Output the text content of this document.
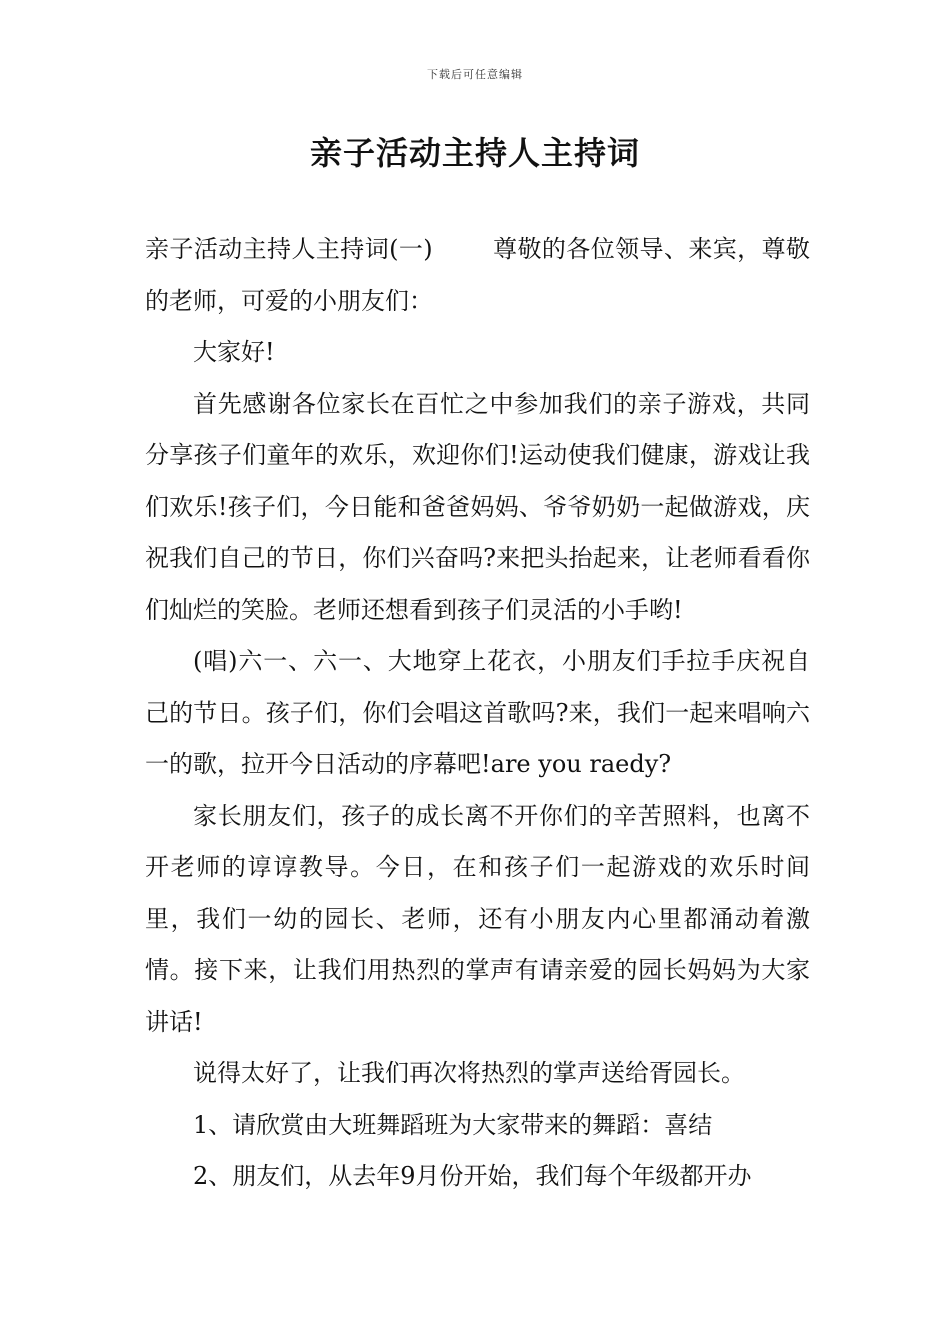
下载后可任意编辑
亲子活动主持人主持词

亲子活动主持人主持词(一)	尊敬的各位领导、来宾，尊敬的老师，可爱的小朋友们：

大家好!

首先感谢各位家长在百忙之中参加我们的亲子游戏，共同分享孩子们童年的欢乐，欢迎你们!运动使我们健康，游戏让我们欢乐!孩子们，今日能和爸爸妈妈、爷爷奶奶一起做游戏，庆祝我们自己的节日，你们兴奋吗?来把头抬起来，让老师看看你们灿烂的笑脸。老师还想看到孩子们灵活的小手哟!

(唱)六一、六一、大地穿上花衣，小朋友们手拉手庆祝自己的节日。孩子们，你们会唱这首歌吗?来，我们一起来唱响六一的歌，拉开今日活动的序幕吧!are you raedy?

家长朋友们，孩子的成长离不开你们的辛苦照料，也离不开老师的谆谆教导。今日，在和孩子们一起游戏的欢乐时间里，我们一幼的园长、老师，还有小朋友内心里都涌动着激情。接下来，让我们用热烈的掌声有请亲爱的园长妈妈为大家讲话!

说得太好了，让我们再次将热烈的掌声送给胥园长。

1、请欣赏由大班舞蹈班为大家带来的舞蹈：喜结

2、朋友们，从去年9月份开始，我们每个年级都开办
